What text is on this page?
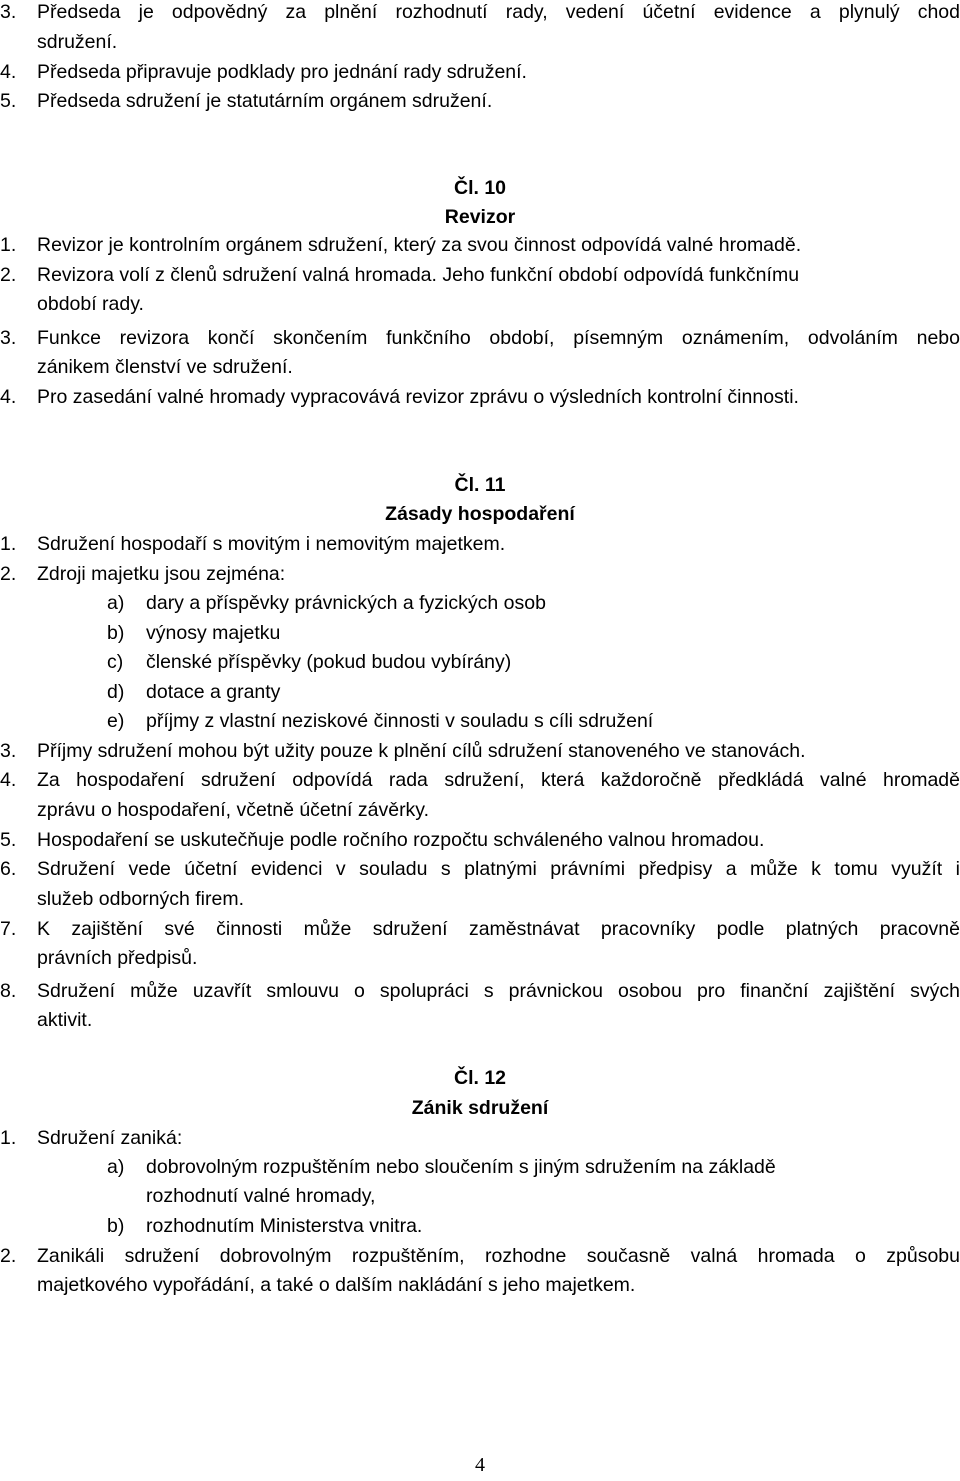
3.	Předseda je odpovědný za plnění rozhodnutí rady, vedení účetní evidence a plynulý chod
sdružení.
4.	Předseda připravuje podklady pro jednání rady sdružení.
5.	Předseda sdružení je statutárním orgánem sdružení.
Čl. 10
Revizor
1.	Revizor je kontrolním orgánem sdružení, který za svou činnost odpovídá valné hromadě.
2.	Revizora volí z členů sdružení valná hromada. Jeho funkční období odpovídá funkčnímu
období rady.
3.	Funkce revizora končí skončením funkčního období, písemným oznámením, odvoláním nebo
zánikem členství ve sdružení.
4.	Pro zasedání valné hromady vypracovává revizor zprávu o výsledních kontrolní činnosti.
Čl. 11
Zásady hospodaření
1.	Sdružení hospodaří s movitým i nemovitým majetkem.
2.	Zdroji majetku jsou zejména:
a)	dary a příspěvky právnických a fyzických osob
b)	výnosy majetku
c)	členské příspěvky (pokud budou vybírány)
d)	dotace a granty
e)	příjmy z vlastní neziskové činnosti v souladu s cíli sdružení
3.	Příjmy sdružení mohou být užity pouze k plnění cílů sdružení stanoveného ve stanovách.
4.	Za hospodaření sdružení odpovídá rada sdružení, která každoročně předkládá valné hromadě
zprávu o hospodaření, včetně účetní závěrky.
5.	Hospodaření se uskutečňuje podle ročního rozpočtu schváleného valnou hromadou.
6.	Sdružení vede účetní evidenci v souladu s platnými právními předpisy a může k tomu využít i
služeb odborných firem.
7.	K zajištění své činnosti může sdružení zaměstnávat pracovníky podle platných pracovně
právních předpisů.
8.	Sdružení může uzavřít smlouvu o spolupráci s právnickou osobou pro finanční zajištění svých
aktivit.
Čl. 12
Zánik sdružení
1.	Sdružení zaniká:
a)	dobrovolným rozpuštěním nebo sloučením s jiným sdružením na základě
rozhodnutí valné hromady,
b)	rozhodnutím Ministerstva vnitra.
2.	Zanikáli sdružení dobrovolným rozpuštěním, rozhodne současně valná hromada o způsobu
majetkového vypořádání, a také o dalším nakládání s jeho majetkem.
4
